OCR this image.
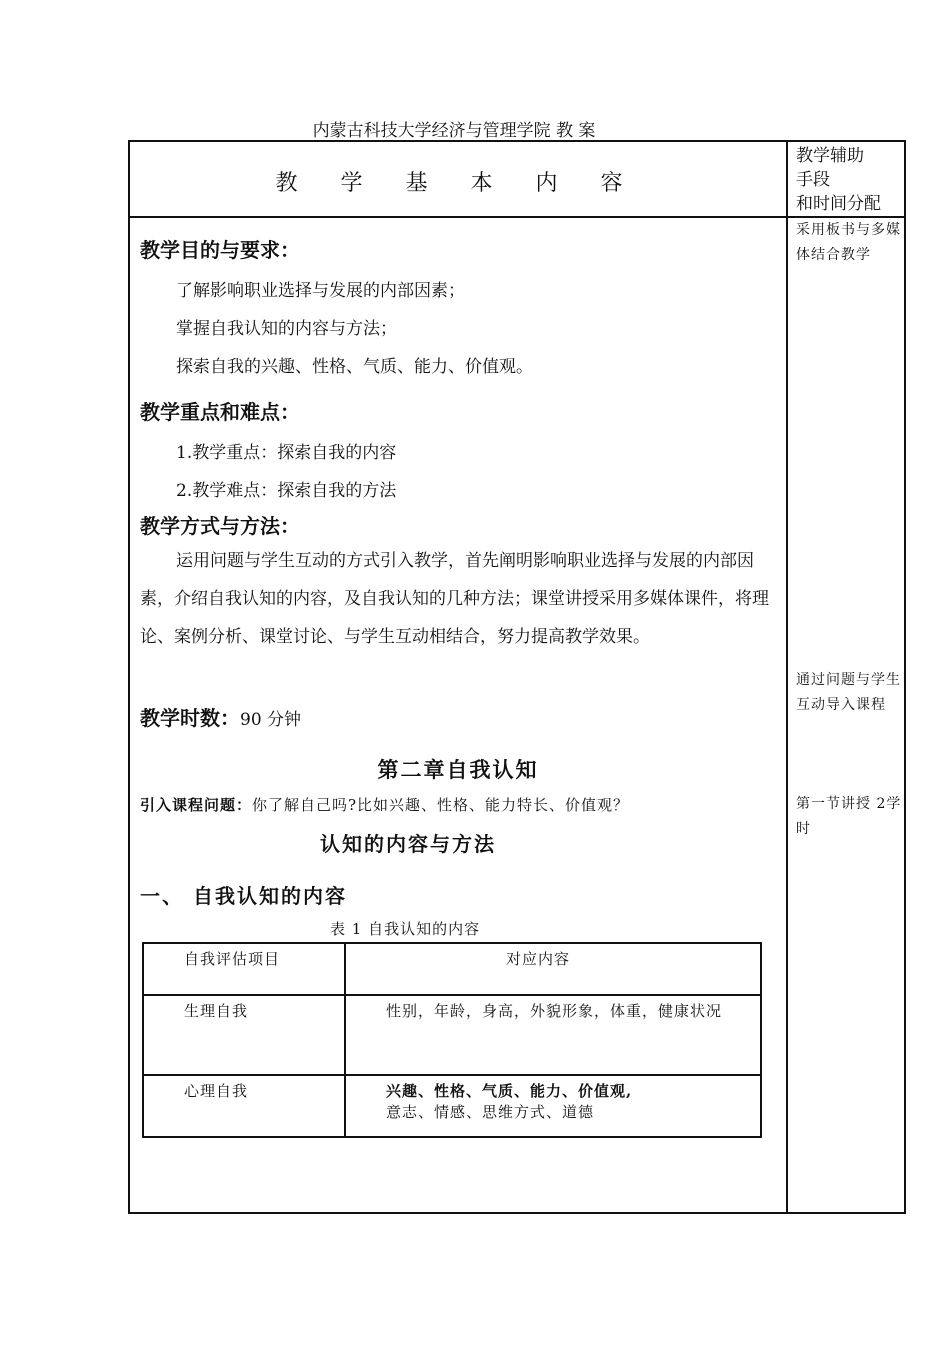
内蒙古科技大学经济与管理学院 教 案
教 学 基 本 内 容
教学辅助
手段
和时间分配
采用板书与多媒体结合教学
通过问题与学生互动导入课程
第一节讲授 2学时
教学目的与要求：
了解影响职业选择与发展的内部因素；
掌握自我认知的内容与方法；
探索自我的兴趣、性格、气质、能力、价值观。
教学重点和难点：
1.教学重点：探索自我的内容
2.教学难点：探索自我的方法
教学方式与方法：
运用问题与学生互动的方式引入教学，首先阐明影响职业选择与发展的内部因素，介绍自我认知的内容，及自我认知的几种方法；课堂讲授采用多媒体课件，将理论、案例分析、课堂讨论、与学生互动相结合，努力提高教学效果。
教学时数：90 分钟
第二章自我认知
引入课程问题：你了解自己吗?比如兴趣、性格、能力特长、价值观？
认知的内容与方法
一、 自我认知的内容
表 1 自我认知的内容
自我评估项目	对应内容
生理自我	性别，年龄，身高，外貌形象，体重，健康状况
心理自我	兴趣、性格、气质、能力、价值观,
意志、情感、思维方式、道德
